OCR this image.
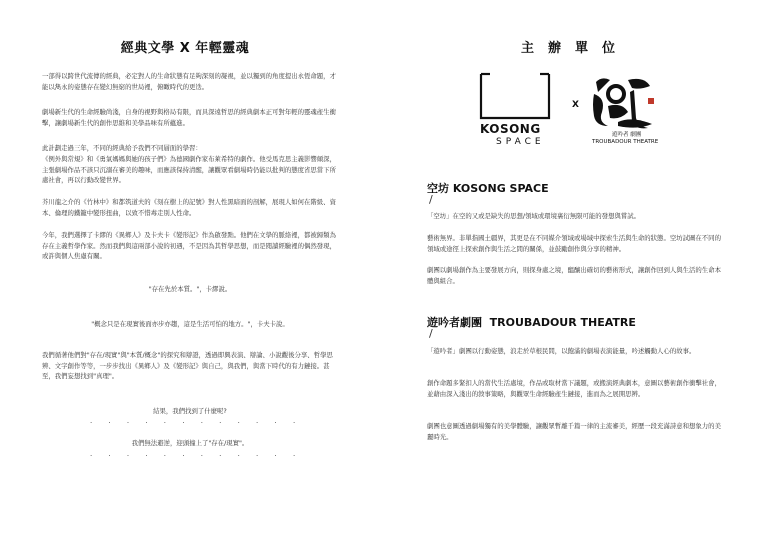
經典文學 X 年輕靈魂

一部得以跨世代流傳的經典，必定對人的生命狀態有足夠深刻的凝視，並以獨到的角度提出永恆命題，才能以雋永的姿態存在變幻無窮的世局裡，俯瞰時代的更迭。

劇場新生代的生命經驗尚淺，自身的視野與格局有限，而具深遠哲思的經典劇本正可對年輕的靈魂產生衝擊，讓劇場新生代的創作思維和美學品味有所蘊進。

此計劃走過三年，不同的經典給予我們不同層面的學習：

《例外與常規》和《勇氣媽媽與她的孩子們》為德國劇作家布萊希特的劇作。他受馬克思主義影響頗深，主張劇場作品不該只沉溺在審美的趣味，而應該保持清醒，讓觀眾看劇場時仍能以批判的態度省思當下所處社會，再以行動改變世界。

芥川龍之介的《竹林中》和都筑道夫的《刻在樹上的記號》對人性黑暗面的剖解，展現人如何在階級、資本、倫理的鐵籠中變形扭曲，以致不惜毒走別人性命。

今年，我們選擇了卡繆的《異鄉人》及卡夫卡《變形記》作為啟發點。他們在文學的脈絡裡，都被歸類為存在主義哲學作家。然而我們與這兩部小說的初遇，不是因為其哲學思想，而是閱讀經驗裡的偶然發現，或許與個人焦慮有關。

"存在先於本質。"，卡繆說。

"概念只是在現實後面亦步亦趨，這是生活可怕的地方。"，卡夫卡說。

我們循著他們對"存在/現實"與"本質/概念"的探究和辯證，透過即興表演、辯論、小說觀後分享、哲學思辨、文字創作等等，一步步找出《異鄉人》及《變形記》與自己，與我們，與當下時代的有力鏈接。甚至，我們妄想找到"真理"。

結果，我們找到了什麼呢?

· · · · · · · · · · · ·

我們無法避逆，迎頭撞上了"存在/現實"。

· · · · · · · · · · · ·
主辦單位
KOSONG
SPACE
X
遊吟者 劇團
TROUBADOUR THEATRE
空坊 KOSONG SPACE
/

「空坊」在空的又或是缺失的思想/領域或環境裏衍無限可能的發想與嘗試。

藝術無界。非單指國土疆界，其更是在不同媒介領域或場域中探索生活與生命的狀態。空坊試圖在不同的領域或途徑上探索創作與生活之間的關係，並鼓勵創作與分享的精神。

劇團以劇場創作為主要發展方向，則探身處之境，醞釀出確切的藝術形式，讓創作回到人與生活的生命本體與組合。

遊吟者劇團  TROUBADOUR THEATRE
/

「遊吟者」劇團以行動姿態，浪走於草根民間，以飽滿的劇場表演能量，吟述觸動人心的故事。

創作命題多緊扣人的當代生活處境，作品或取材當下議題，或搬演經典劇本，意圖以藝術創作衝擊社會，並藉由深入淺出的敘事策略，與觀眾生命經驗產生鏈接，進而為之展開思辨。

劇團也意圖透過劇場獨有的美學體驗，讓觀眾暫離千篇一律的主流審美，經歷一段充滿詩意和想象力的美麗時光。
